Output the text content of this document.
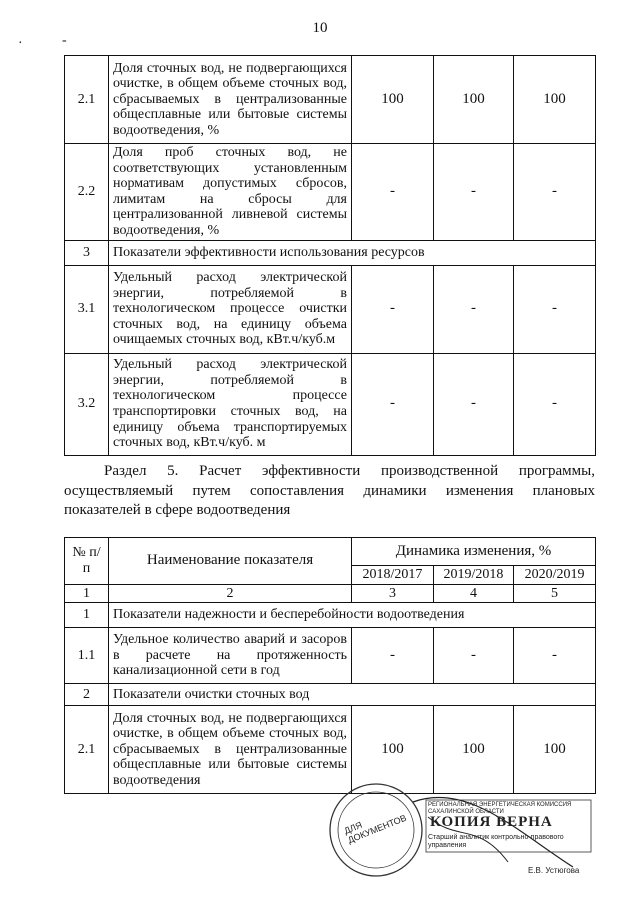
10
·	-
2.1	Доля сточных вод, не подвергающихся очистке, в общем объеме сточных вод, сбрасываемых в централизованные общесплавные или бытовые системы водоотведения, %	100	100	100
2.2	Доля проб сточных вод, не соответствующих установленным нормативам допустимых сбросов, лимитам на сбросы для централизованной ливневой системы водоотведения, %	-	-	-
3	Показатели эффективности использования ресурсов			
3.1	Удельный расход электрической энергии, потребляемой в технологическом процессе очистки сточных вод, на единицу объема очищаемых сточных вод, кВт.ч/куб.м	-	-	-
3.2	Удельный расход электрической энергии, потребляемой в технологическом процессе транспортировки сточных вод, на единицу объема транспортируемых сточных вод, кВт.ч/куб. м	-	-	-
Раздел 5. Расчет эффективности производственной программы, осуществляемый путем сопоставления динамики изменения плановых показателей в сфере водоотведения
№ п/п	Наименование показателя	Динамика изменения, %		
		2018/2017	2019/2018	2020/2019
1	2	3	4	5
1	Показатели надежности и бесперебойности водоотведения			
1.1	Удельное количество аварий и засоров в расчете на протяженность канализационной сети в год	-	-	-
2	Показатели очистки сточных вод			
2.1	Доля сточных вод, не подвергающихся очистке, в общем объеме сточных вод, сбрасываемых в централизованные общесплавные или бытовые системы водоотведения	100	100	100
ДЛЯ ДОКУМЕНТОВ
РЕГИОНАЛЬНАЯ ЭНЕРГЕТИЧЕСКАЯ КОМИССИЯ САХАЛИНСКОЙ ОБЛАСТИ
КОПИЯ ВЕРНА
Старший аналитик контрольно-правового управления
Е.В. Устюгова
